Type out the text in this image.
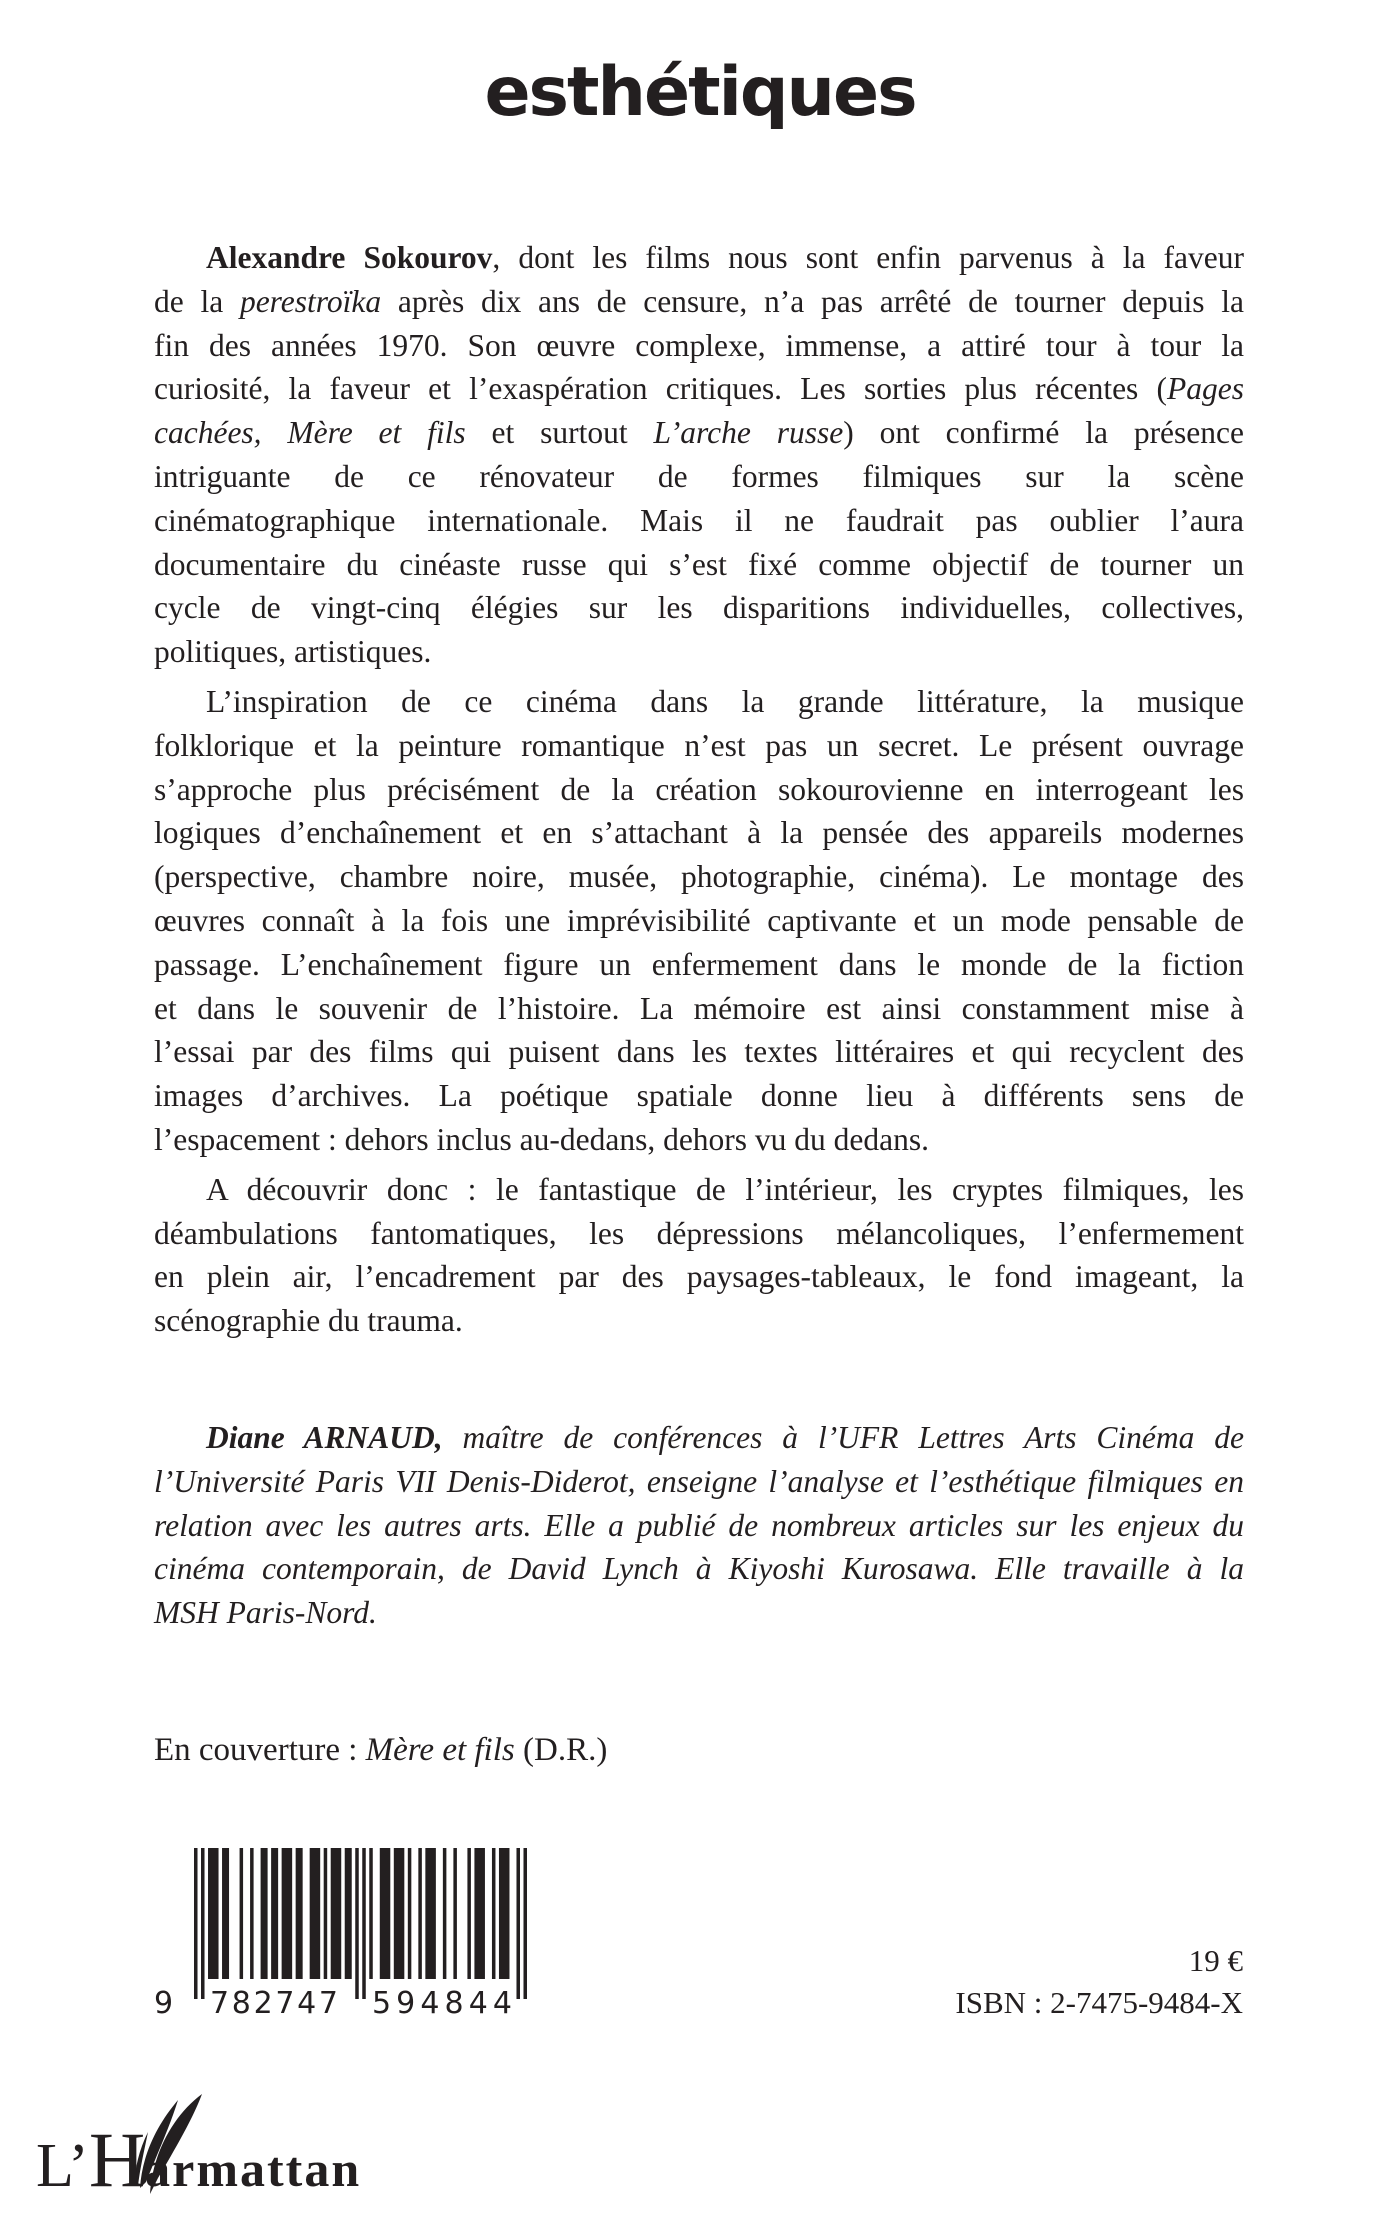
esthétiques
Alexandre Sokourov, dont les films nous sont enfin parvenus à la faveur
de la perestroïka après dix ans de censure, n’a pas arrêté de tourner depuis la
fin des années 1970. Son œuvre complexe, immense, a attiré tour à tour la
curiosité, la faveur et l’exaspération critiques. Les sorties plus récentes (Pages
cachées, Mère et fils et surtout L’arche russe) ont confirmé la présence
intriguante de ce rénovateur de formes filmiques sur la scène
cinématographique internationale. Mais il ne faudrait pas oublier l’aura
documentaire du cinéaste russe qui s’est fixé comme objectif de tourner un
cycle de vingt-cinq élégies sur les disparitions individuelles, collectives,
politiques, artistiques.
L’inspiration de ce cinéma dans la grande littérature, la musique
folklorique et la peinture romantique n’est pas un secret. Le présent ouvrage
s’approche plus précisément de la création sokourovienne en interrogeant les
logiques d’enchaînement et en s’attachant à la pensée des appareils modernes
(perspective, chambre noire, musée, photographie, cinéma). Le montage des
œuvres connaît à la fois une imprévisibilité captivante et un mode pensable de
passage. L’enchaînement figure un enfermement dans le monde de la fiction
et dans le souvenir de l’histoire. La mémoire est ainsi constamment mise à
l’essai par des films qui puisent dans les textes littéraires et qui recyclent des
images d’archives. La poétique spatiale donne lieu à différents sens de
l’espacement : dehors inclus au-dedans, dehors vu du dedans.
A découvrir donc : le fantastique de l’intérieur, les cryptes filmiques, les
déambulations fantomatiques, les dépressions mélancoliques, l’enfermement
en plein air, l’encadrement par des paysages-tableaux, le fond imageant, la
scénographie du trauma.
Diane ARNAUD, maître de conférences à l’UFR Lettres Arts Cinéma de
l’Université Paris VII Denis-Diderot, enseigne l’analyse et l’esthétique filmiques en
relation avec les autres arts. Elle a publié de nombreux articles sur les enjeux du
cinéma contemporain, de David Lynch à Kiyoshi Kurosawa. Elle travaille à la
MSH Paris-Nord.
En couverture : Mère et fils (D.R.)
9 782747 594844
19 €
ISBN : 2-7475-9484-X
L’Harmattan
